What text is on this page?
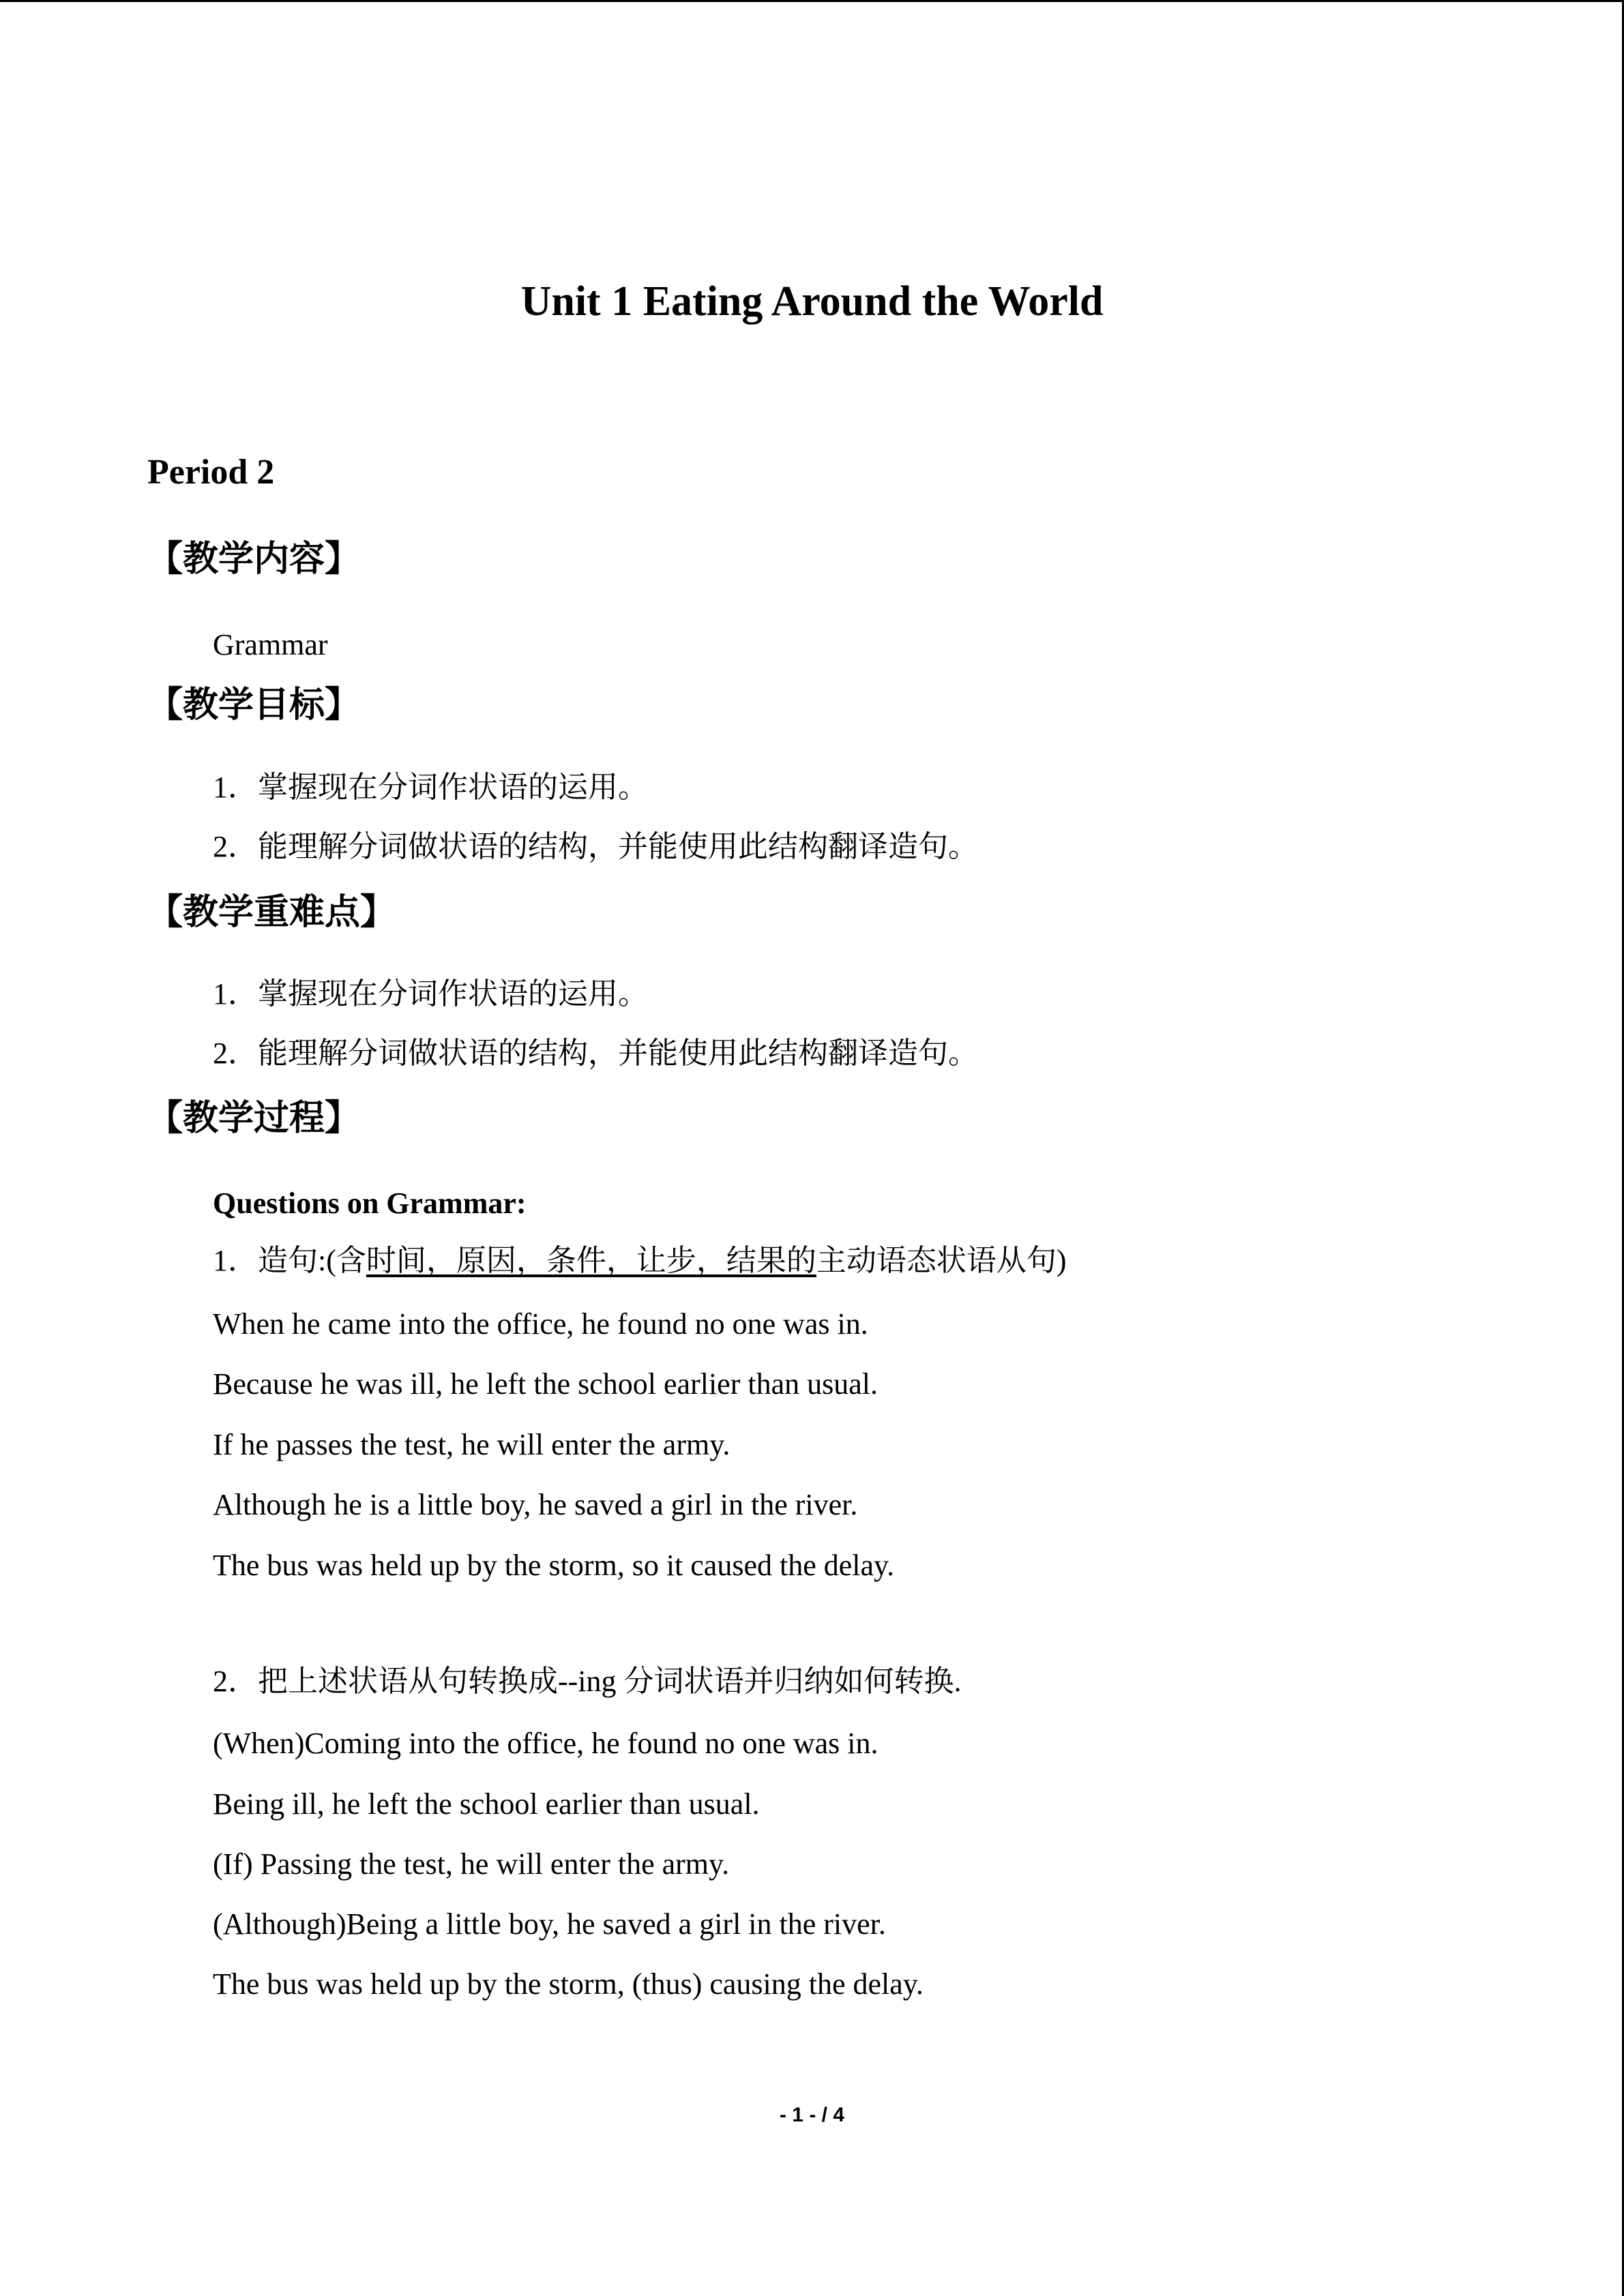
Unit 1 Eating Around the World
Period 2
【教学内容】
Grammar
【教学目标】
1．掌握现在分词作状语的运用。
2．能理解分词做状语的结构，并能使用此结构翻译造句。
【教学重难点】
1．掌握现在分词作状语的运用。
2．能理解分词做状语的结构，并能使用此结构翻译造句。
【教学过程】
Questions on Grammar:
1．造句:(含时间，原因，条件，让步，结果的主动语态状语从句)
When he came into the office, he found no one was in.
Because he was ill, he left the school earlier than usual.
If he passes the test, he will enter the army.
Although he is a little boy, he saved a girl in the river.
The bus was held up by the storm, so it caused the delay.
2．把上述状语从句转换成--ing 分词状语并归纳如何转换.
(When)Coming into the office, he found no one was in.
Being ill, he left the school earlier than usual.
(If) Passing the test, he will enter the army.
(Although)Being a little boy, he saved a girl in the river.
The bus was held up by the storm, (thus) causing the delay.
- 1 - / 4
